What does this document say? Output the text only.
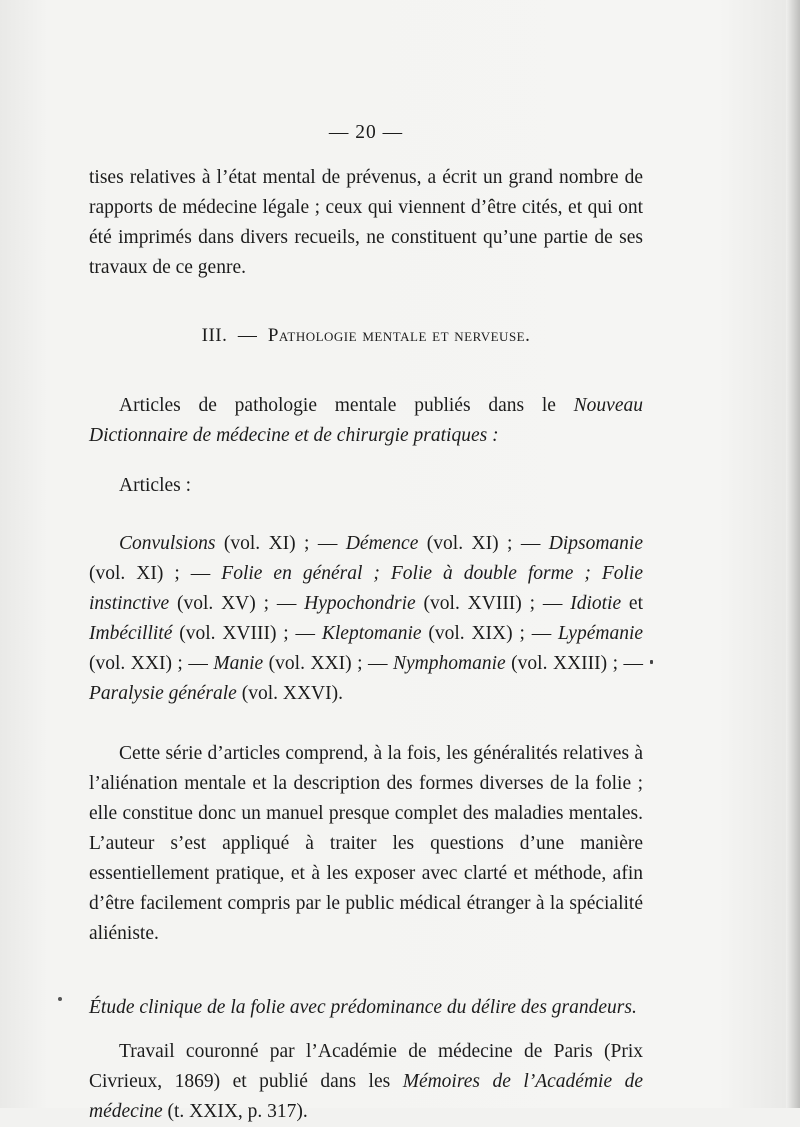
— 20 —

tises relatives à l’état mental de prévenus, a écrit un grand nombre de rapports de médecine légale ; ceux qui viennent d’être cités, et qui ont été imprimés dans divers recueils, ne constituent qu’une partie de ses travaux de ce genre.

III. — Pathologie mentale et nerveuse.

Articles de pathologie mentale publiés dans le Nouveau Dictionnaire de médecine et de chirurgie pratiques :

Articles :

Convulsions (vol. XI) ; — Démence (vol. XI) ; — Dipsomanie (vol. XI) ; — Folie en général ; Folie à double forme ; Folie instinctive (vol. XV) ; — Hypochondrie (vol. XVIII) ; — Idiotie et Imbécillité (vol. XVIII) ; — Kleptomanie (vol. XIX) ; — Lypémanie (vol. XXI) ; — Manie (vol. XXI) ; — Nymphomanie (vol. XXIII) ; — Paralysie générale (vol. XXVI).

Cette série d’articles comprend, à la fois, les généralités relatives à l’aliénation mentale et la description des formes diverses de la folie ; elle constitue donc un manuel presque complet des maladies mentales. L’auteur s’est appliqué à traiter les questions d’une manière essentiellement pratique, et à les exposer avec clarté et méthode, afin d’être facilement compris par le public médical étranger à la spécialité aliéniste.

Étude clinique de la folie avec prédominance du délire des grandeurs.

Travail couronné par l’Académie de médecine de Paris (Prix Civrieux, 1869) et publié dans les Mémoires de l’Académie de médecine (t. XXIX, p. 317).
